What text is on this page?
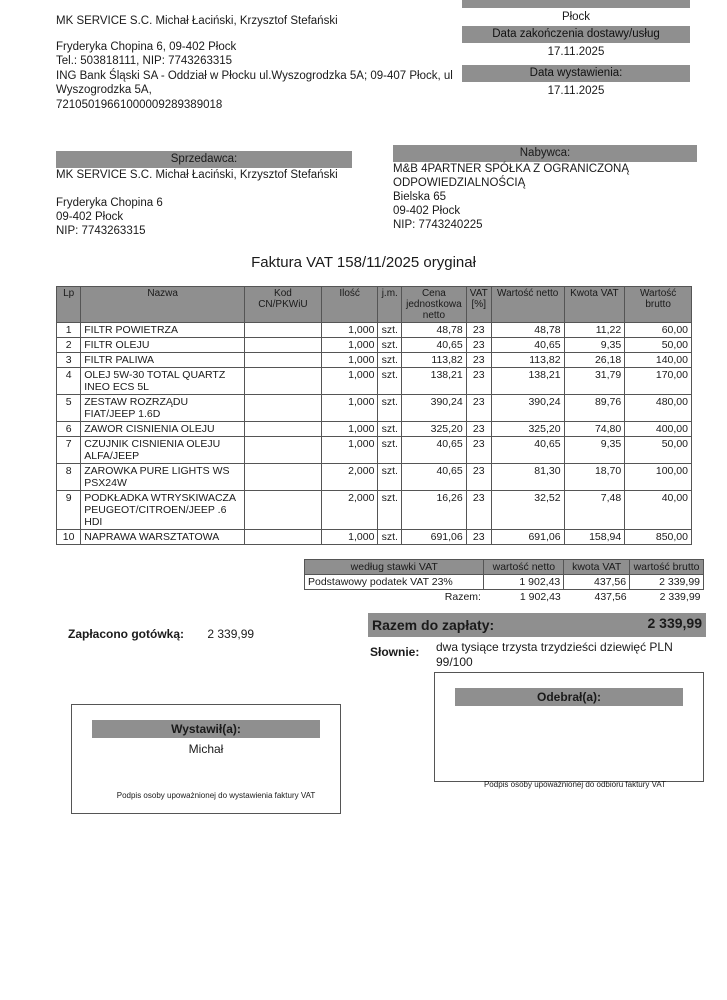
MK SERVICE S.C. Michał Łaciński, Krzysztof Stefański
Fryderyka Chopina 6, 09-402 Płock
Tel.: 503818111, NIP: 7743263315
ING Bank Śląski SA - Oddział w Płocku ul.Wyszogrodzka 5A; 09-407 Płock, ul
Wyszogrodzka 5A,
72105019661000009289389018
Płock
Data zakończenia dostawy/usług
17.11.2025
Data wystawienia:
17.11.2025
Sprzedawca:
MK SERVICE S.C. Michał Łaciński, Krzysztof Stefański
Fryderyka Chopina 6
09-402 Płock
NIP: 7743263315
Nabywca:
M&B 4PARTNER SPÓŁKA Z OGRANICZONĄ
ODPOWIEDZIALNOŚCIĄ
Bielska 65
09-402 Płock
NIP: 7743240225
Faktura VAT 158/11/2025 oryginał
Lp	Nazwa	Kod CN/PKWiU	Ilość	j.m.	Cena jednostkowa netto	VAT [%]	Wartość netto	Kwota VAT	Wartość brutto
1	FILTR POWIETRZA		1,000	szt.	48,78	23	48,78	11,22	60,00
2	FILTR OLEJU		1,000	szt.	40,65	23	40,65	9,35	50,00
3	FILTR PALIWA		1,000	szt.	113,82	23	113,82	26,18	140,00
4	OLEJ 5W-30 TOTAL QUARTZ INEO ECS 5L		1,000	szt.	138,21	23	138,21	31,79	170,00
5	ZESTAW ROZRZĄDU FIAT/JEEP 1.6D		1,000	szt.	390,24	23	390,24	89,76	480,00
6	ZAWOR CISNIENIA OLEJU		1,000	szt.	325,20	23	325,20	74,80	400,00
7	CZUJNIK CISNIENIA OLEJU ALFA/JEEP		1,000	szt.	40,65	23	40,65	9,35	50,00
8	ZAROWKA PURE LIGHTS WS PSX24W		2,000	szt.	40,65	23	81,30	18,70	100,00
9	PODKŁADKA WTRYSKIWACZA PEUGEOT/CITROEN/JEEP .6 HDI		2,000	szt.	16,26	23	32,52	7,48	40,00
10	NAPRAWA WARSZTATOWA		1,000	szt.	691,06	23	691,06	158,94	850,00
według stawki VAT	wartość netto	kwota VAT	wartość brutto
Podstawowy podatek VAT 23%	1 902,43	437,56	2 339,99
Razem:	1 902,43	437,56	2 339,99
Zapłacono gotówką: 2 339,99
Razem do zapłaty:	2 339,99
Słownie: dwa tysiące trzysta trzydzieści dziewięć PLN
99/100
Wystawił(a):
Michał
Podpis osoby upoważnionej do wystawienia faktury VAT
Odebrał(a):
Podpis osoby upoważnionej do odbioru faktury VAT
